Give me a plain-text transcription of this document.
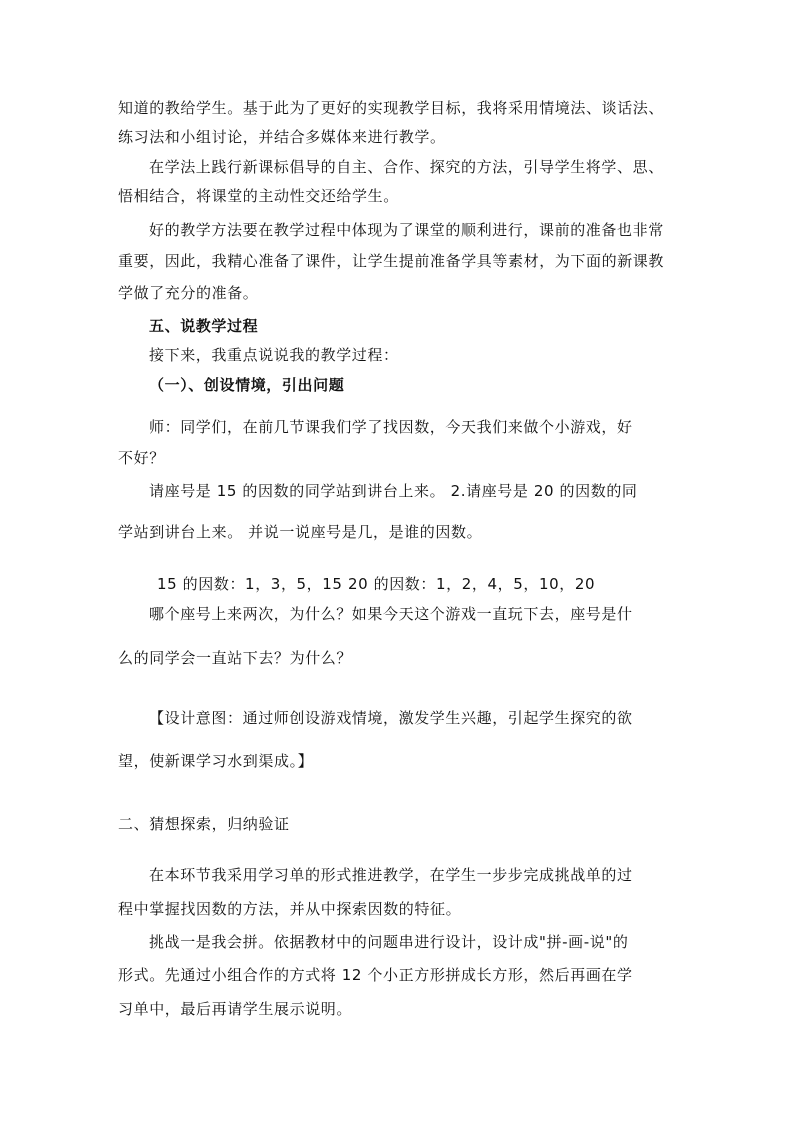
知道的教给学生。基于此为了更好的实现教学目标，我将采用情境法、谈话法、
练习法和小组讨论，并结合多媒体来进行教学。
在学法上践行新课标倡导的自主、合作、探究的方法，引导学生将学、思、
悟相结合，将课堂的主动性交还给学生。
好的教学方法要在教学过程中体现为了课堂的顺利进行，课前的准备也非常
重要，因此，我精心准备了课件，让学生提前准备学具等素材，为下面的新课教
学做了充分的准备。
五、说教学过程
接下来，我重点说说我的教学过程：
（一）、创设情境，引出问题
师：同学们，在前几节课我们学了找因数，今天我们来做个小游戏，好
不好？
请座号是 15 的因数的同学站到讲台上来。 2.请座号是 20 的因数的同
学站到讲台上来。 并说一说座号是几，是谁的因数。
15 的因数：1，3，5，15 20 的因数：1，2，4，5，10，20
哪个座号上来两次，为什么？如果今天这个游戏一直玩下去，座号是什
么的同学会一直站下去？为什么？
【设计意图：通过师创设游戏情境，激发学生兴趣，引起学生探究的欲
望，使新课学习水到渠成。】
二、猜想探索，归纳验证
在本环节我采用学习单的形式推进教学，在学生一步步完成挑战单的过
程中掌握找因数的方法，并从中探索因数的特征。
挑战一是我会拼。依据教材中的问题串进行设计，设计成"拼-画-说"的
形式。先通过小组合作的方式将 12 个小正方形拼成长方形，然后再画在学
习单中，最后再请学生展示说明。
